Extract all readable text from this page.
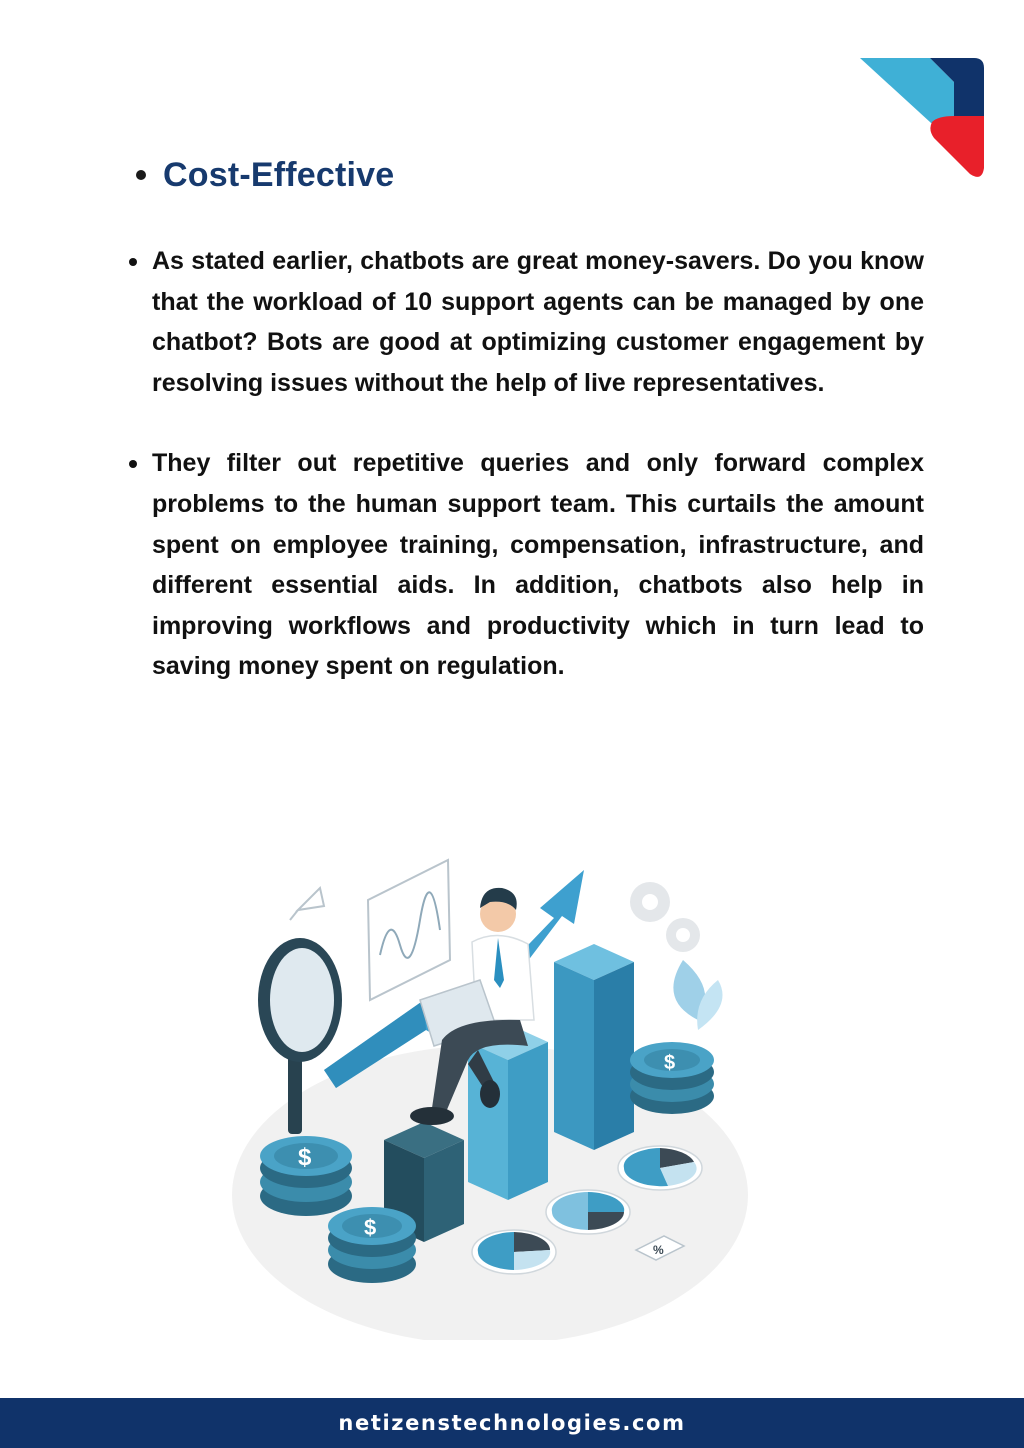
Cost-Effective

As stated earlier, chatbots are great money-savers. Do you know that the workload of 10 support agents can be managed by one chatbot? Bots are good at optimizing customer engagement by resolving issues without the help of live representatives.

They filter out repetitive queries and only forward complex problems to the human support team. This curtails the amount spent on employee training, compensation, infrastructure, and different essential aids. In addition, chatbots also help in improving workflows and productivity which in turn lead to saving money spent on regulation.

$
$
$
%
netizenstechnologies.com
